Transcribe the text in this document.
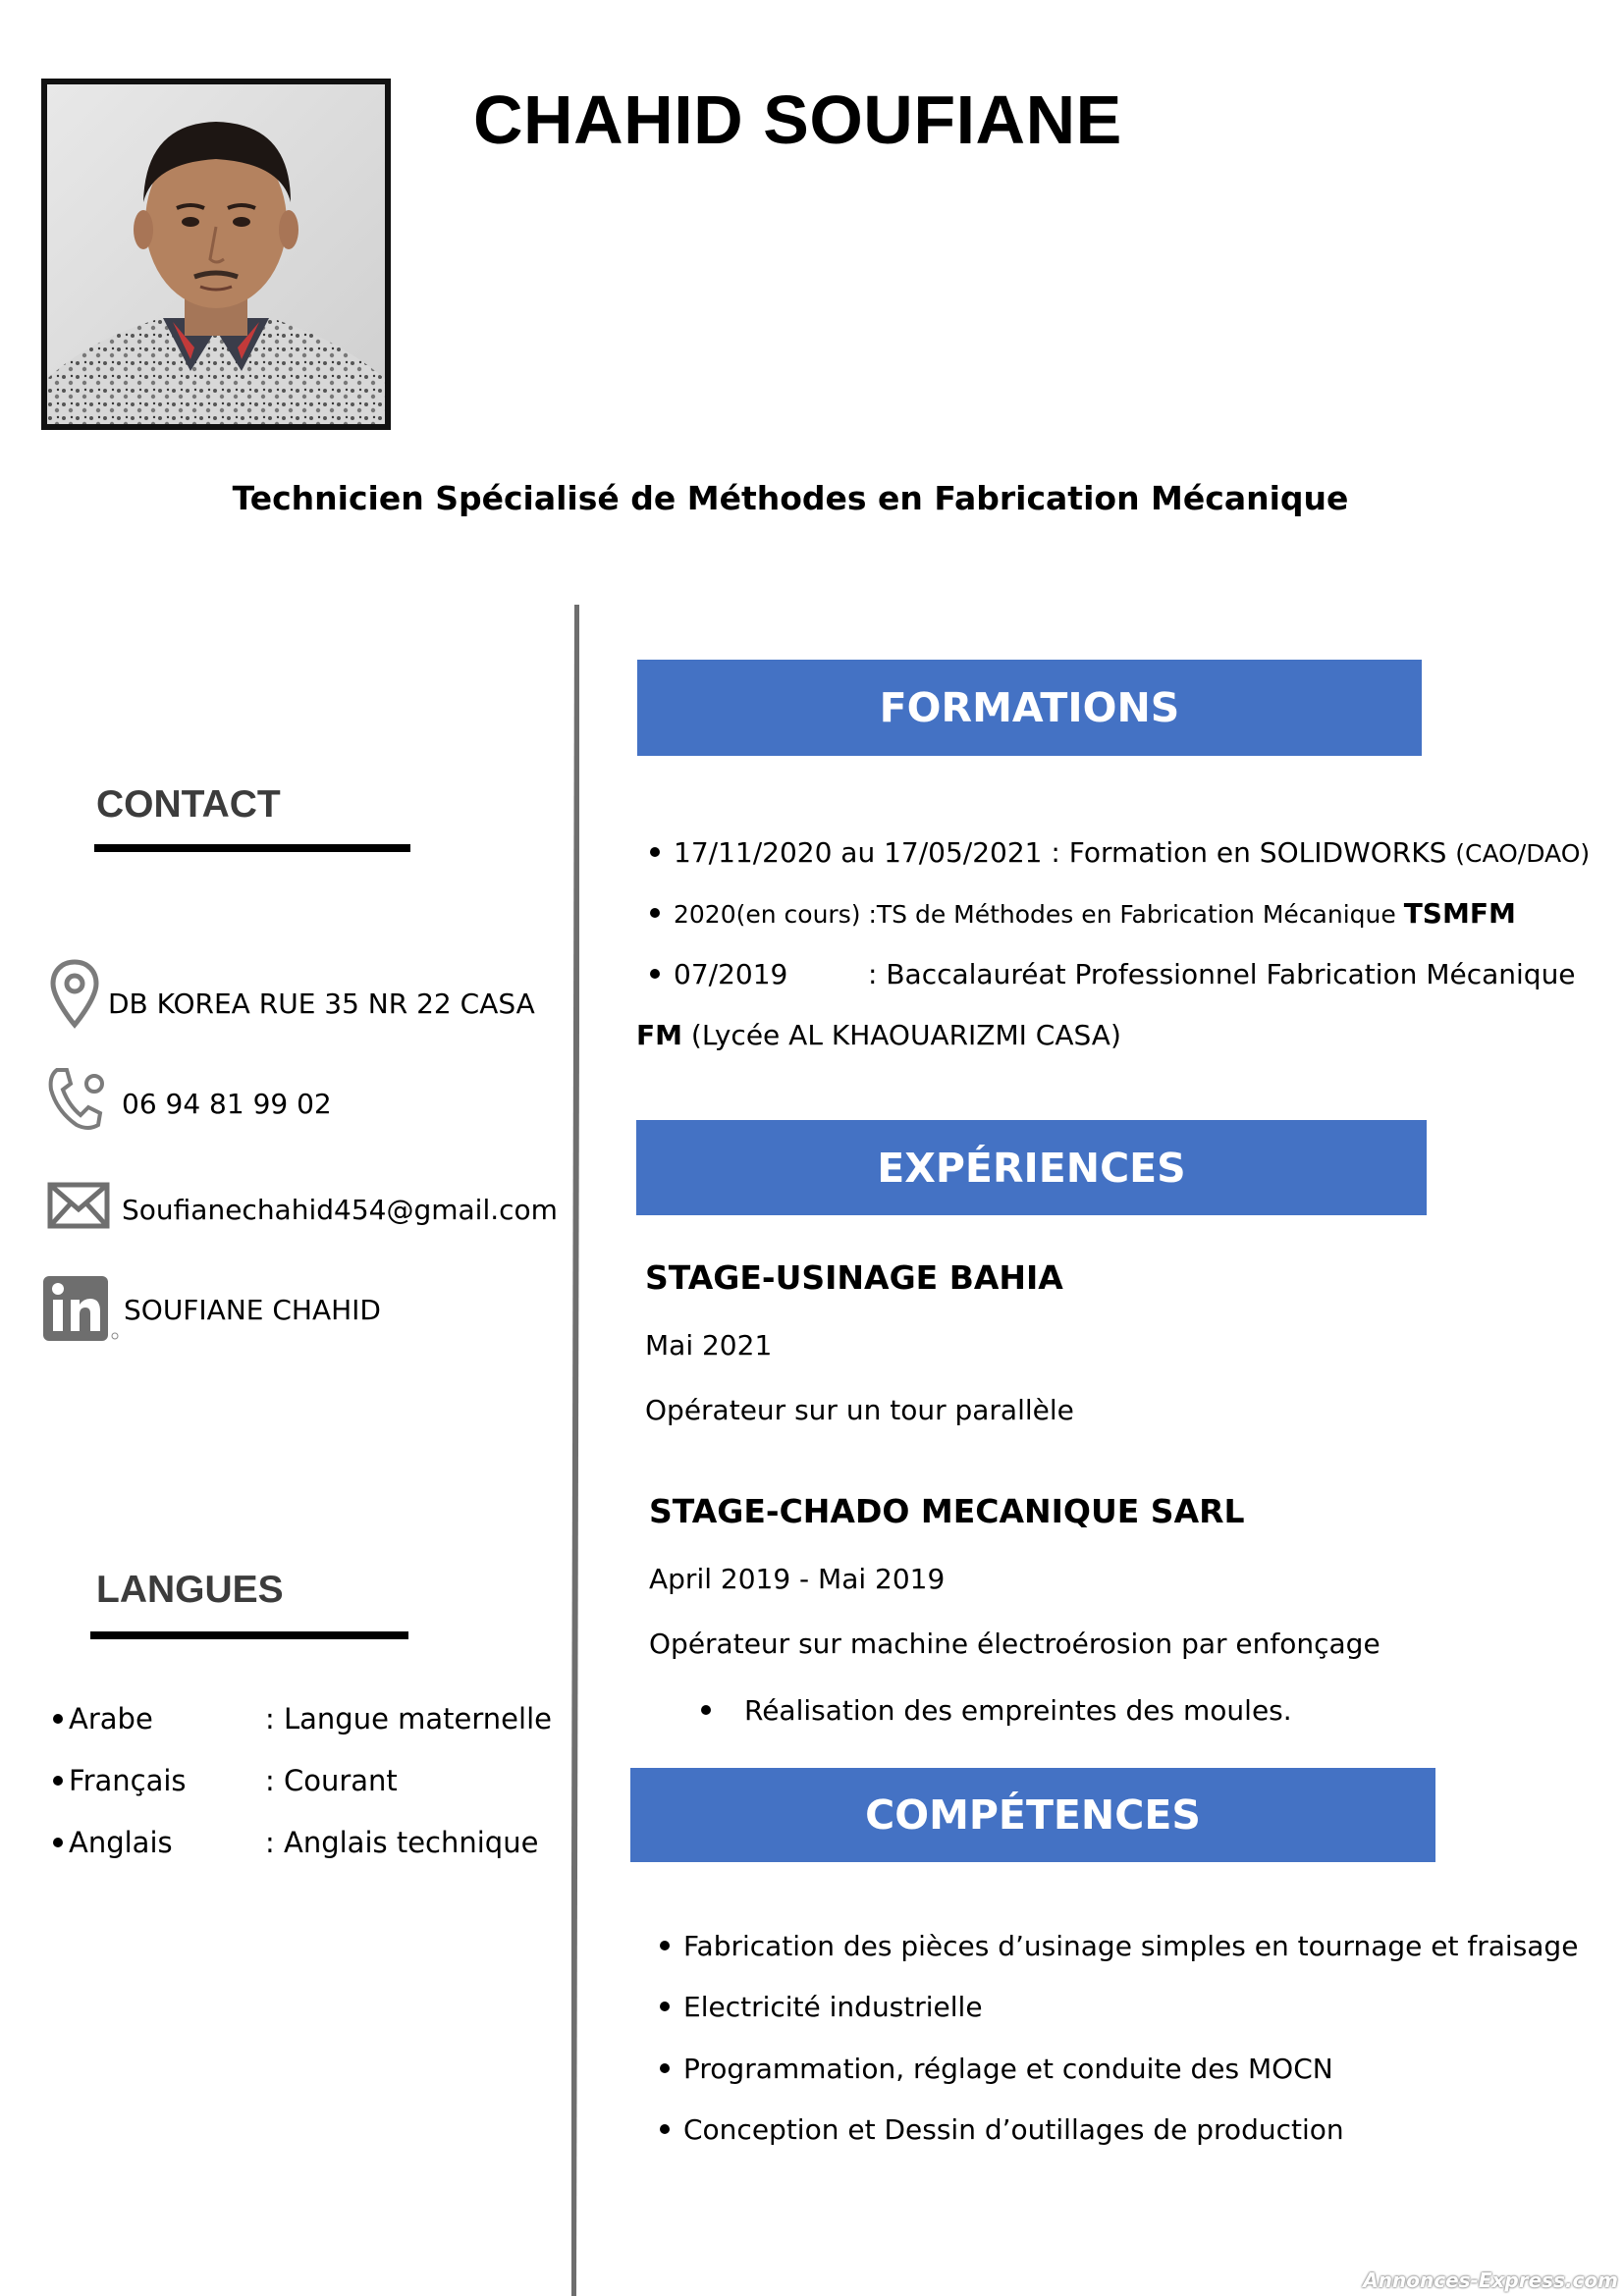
CHAHID SOUFIANE
Technicien Spécialisé de Méthodes en Fabrication Mécanique
CONTACT
DB KOREA RUE 35 NR 22 CASA
06 94 81 99 02
Soufianechahid454@gmail.com
SOUFIANE CHAHID
LANGUES
Arabe	: Langue maternelle
Français	: Courant
Anglais	: Anglais technique
FORMATIONS
17/11/2020 au 17/05/2021 : Formation en SOLIDWORKS (CAO/DAO)
2020(en cours) :TS de Méthodes en Fabrication Mécanique TSMFM
07/2019	: Baccalauréat Professionnel Fabrication Mécanique
FM (Lycée AL KHAOUARIZMI CASA)
EXPÉRIENCES
STAGE-USINAGE BAHIA
Mai 2021
Opérateur sur un tour parallèle
STAGE-CHADO MECANIQUE SARL
April 2019 - Mai 2019
Opérateur sur machine électroérosion par enfonçage
Réalisation des empreintes des moules.
COMPÉTENCES
Fabrication des pièces d’usinage simples en tournage et fraisage
Electricité industrielle
Programmation, réglage et conduite des MOCN
Conception et Dessin d’outillages de production
Annonces-Express.com
